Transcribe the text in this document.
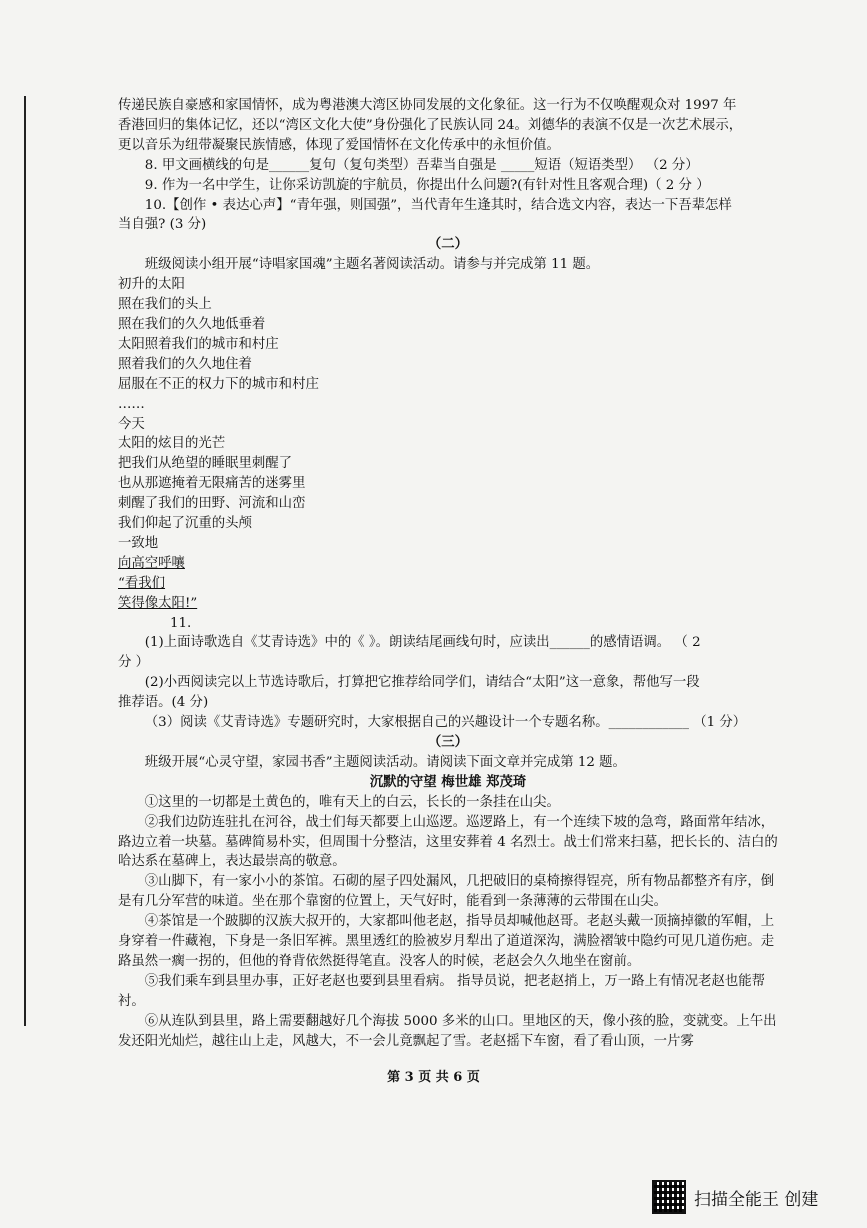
传递民族自豪感和家国情怀，成为粤港澳大湾区协同发展的文化象征。这一行为不仅唤醒观众对 1997 年

香港回归的集体记忆，还以“湾区文化大使”身份强化了民族认同 24。刘德华的表演不仅是一次艺术展示，

更以音乐为纽带凝聚民族情感，体现了爱国情怀在文化传承中的永恒价值。

8. 甲文画横线的句是______复句（复句类型）吾辈当自强是 _____短语（短语类型） （2 分）

9. 作为一名中学生，让你采访凯旋的宇航员，你提出什么问题?(有针对性且客观合理)（ 2 分 ）

10.【创作 • 表达心声】“青年强，则国强”，当代青年生逢其时，结合选文内容，表达一下吾辈怎样

当自强? (3 分)

（二）

班级阅读小组开展“诗唱家国魂”主题名著阅读活动。请参与并完成第 11 题。

初升的太阳

照在我们的头上

照在我们的久久地低垂着

太阳照着我们的城市和村庄

照着我们的久久地住着

屈服在不正的权力下的城市和村庄

……

今天

太阳的炫目的光芒

把我们从绝望的睡眠里刺醒了

也从那遮掩着无限痛苦的迷雾里

刺醒了我们的田野、河流和山峦

我们仰起了沉重的头颅

一致地

向高空呼嚷

“看我们

笑得像太阳!”

11.

(1)上面诗歌选自《艾青诗选》中的《 》。朗读结尾画线句时，应读出______的感情语调。 （ 2

分 ）

(2)小西阅读完以上节选诗歌后，打算把它推荐给同学们，请结合“太阳”这一意象，帮他写一段

推荐语。(4 分)

（3）阅读《艾青诗选》专题研究时，大家根据自己的兴趣设计一个专题名称。____________ （1 分）

（三）

班级开展“心灵守望，家园书香”主题阅读活动。请阅读下面文章并完成第 12 题。

沉默的守望 梅世雄 郑茂琦

①这里的一切都是土黄色的，唯有天上的白云，长长的一条挂在山尖。

②我们边防连驻扎在河谷，战士们每天都要上山巡逻。巡逻路上，有一个连续下坡的急弯，路面常年结冰，路边立着一块墓。墓碑简易朴实，但周围十分整洁，这里安葬着 4 名烈士。战士们常来扫墓，把长长的、洁白的哈达系在墓碑上，表达最崇高的敬意。

③山脚下，有一家小小的茶馆。石砌的屋子四处漏风，几把破旧的桌椅擦得锃亮，所有物品都整齐有序，倒是有几分军营的味道。坐在那个靠窗的位置上，天气好时，能看到一条薄薄的云带围在山尖。

④茶馆是一个跛脚的汉族大叔开的，大家都叫他老赵，指导员却喊他赵哥。老赵头戴一顶摘掉徽的军帽，上身穿着一件藏袍，下身是一条旧军裤。黑里透红的脸被岁月犁出了道道深沟，满脸褶皱中隐约可见几道伤疤。走路虽然一瘸一拐的，但他的脊背依然挺得笔直。没客人的时候，老赵会久久地坐在窗前。

⑤我们乘车到县里办事，正好老赵也要到县里看病。 指导员说，把老赵捎上，万一路上有情况老赵也能帮衬。

⑥从连队到县里，路上需要翻越好几个海拔 5000 多米的山口。里地区的天，像小孩的脸，变就变。上午出发还阳光灿烂，越往山上走，风越大，不一会儿竟飘起了雪。老赵摇下车窗，看了看山顶，一片雾

第 3 页 共 6 页
扫描全能王 创建
